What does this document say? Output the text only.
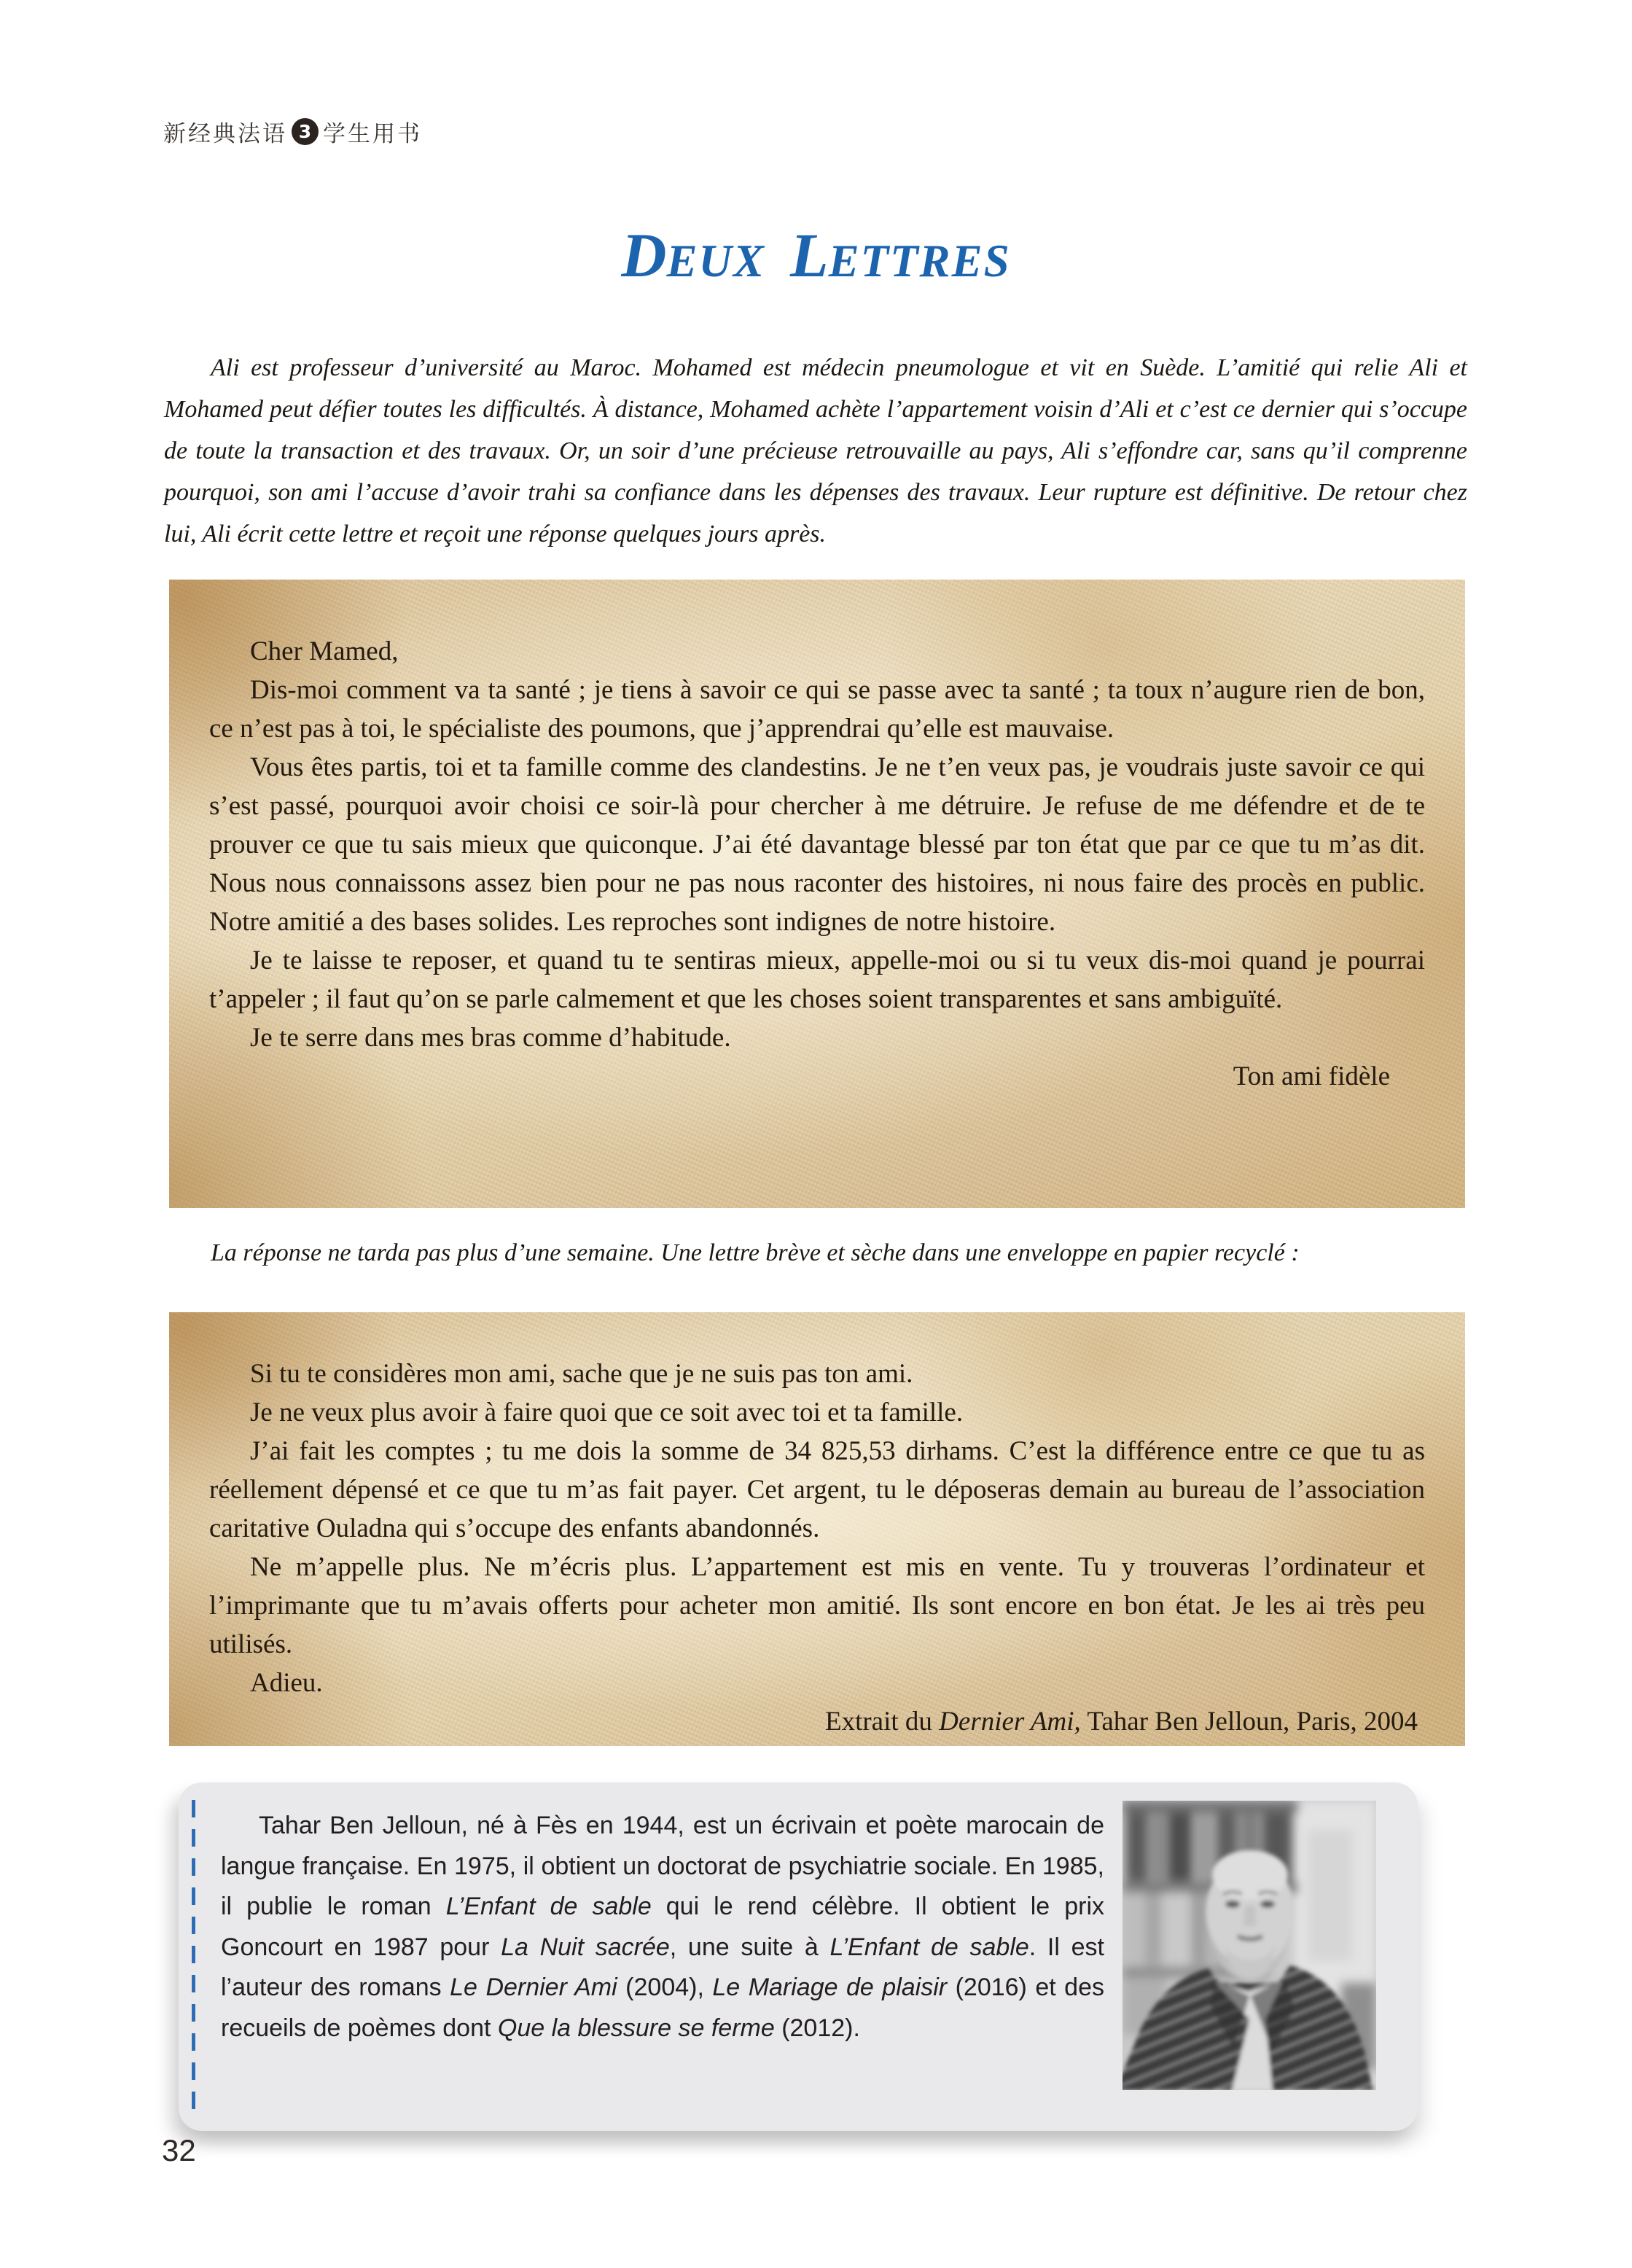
新经典法语 3 学生用书
DEUX LETTRES
Ali est professeur d’université au Maroc. Mohamed est médecin pneumologue et vit en Suède. L’amitié qui relie Ali et Mohamed peut défier toutes les difficultés. À distance, Mohamed achète l’appartement voisin d’Ali et c’est ce dernier qui s’occupe de toute la transaction et des travaux. Or, un soir d’une précieuse retrouvaille au pays, Ali s’effondre car, sans qu’il comprenne pourquoi, son ami l’accuse d’avoir trahi sa confiance dans les dépenses des travaux. Leur rupture est définitive. De retour chez lui, Ali écrit cette lettre et reçoit une réponse quelques jours après.

Cher Mamed,

Dis-moi comment va ta santé ; je tiens à savoir ce qui se passe avec ta santé ; ta toux n’augure rien de bon, ce n’est pas à toi, le spécialiste des poumons, que j’apprendrai qu’elle est mauvaise.

Vous êtes partis, toi et ta famille comme des clandestins. Je ne t’en veux pas, je voudrais juste savoir ce qui s’est passé, pourquoi avoir choisi ce soir-là pour chercher à me détruire. Je refuse de me défendre et de te prouver ce que tu sais mieux que quiconque. J’ai été davantage blessé par ton état que par ce que tu m’as dit. Nous nous connaissons assez bien pour ne pas nous raconter des histoires, ni nous faire des procès en public. Notre amitié a des bases solides. Les reproches sont indignes de notre histoire.

Je te laisse te reposer, et quand tu te sentiras mieux, appelle-moi ou si tu veux dis-moi quand je pourrai t’appeler ; il faut qu’on se parle calmement et que les choses soient transparentes et sans ambiguïté.

Je te serre dans mes bras comme d’habitude.

Ton ami fidèle

La réponse ne tarda pas plus d’une semaine. Une lettre brève et sèche dans une enveloppe en papier recyclé :

Si tu te considères mon ami, sache que je ne suis pas ton ami.

Je ne veux plus avoir à faire quoi que ce soit avec toi et ta famille.

J’ai fait les comptes ; tu me dois la somme de 34 825,53 dirhams. C’est la différence entre ce que tu as réellement dépensé et ce que tu m’as fait payer. Cet argent, tu le déposeras demain au bureau de l’association caritative Ouladna qui s’occupe des enfants abandonnés.

Ne m’appelle plus. Ne m’écris plus. L’appartement est mis en vente. Tu y trouveras l’ordinateur et l’imprimante que tu m’avais offerts pour acheter mon amitié. Ils sont encore en bon état. Je les ai très peu utilisés.

Adieu.

Extrait du Dernier Ami, Tahar Ben Jelloun, Paris, 2004

Tahar Ben Jelloun, né à Fès en 1944, est un écrivain et poète marocain de langue française. En 1975, il obtient un doctorat de psychiatrie sociale. En 1985, il publie le roman L’Enfant de sable qui le rend célèbre. Il obtient le prix Goncourt en 1987 pour La Nuit sacrée, une suite à L’Enfant de sable. Il est l’auteur des romans Le Dernier Ami (2004), Le Mariage de plaisir (2016) et des recueils de poèmes dont Que la blessure se ferme (2012).
32
